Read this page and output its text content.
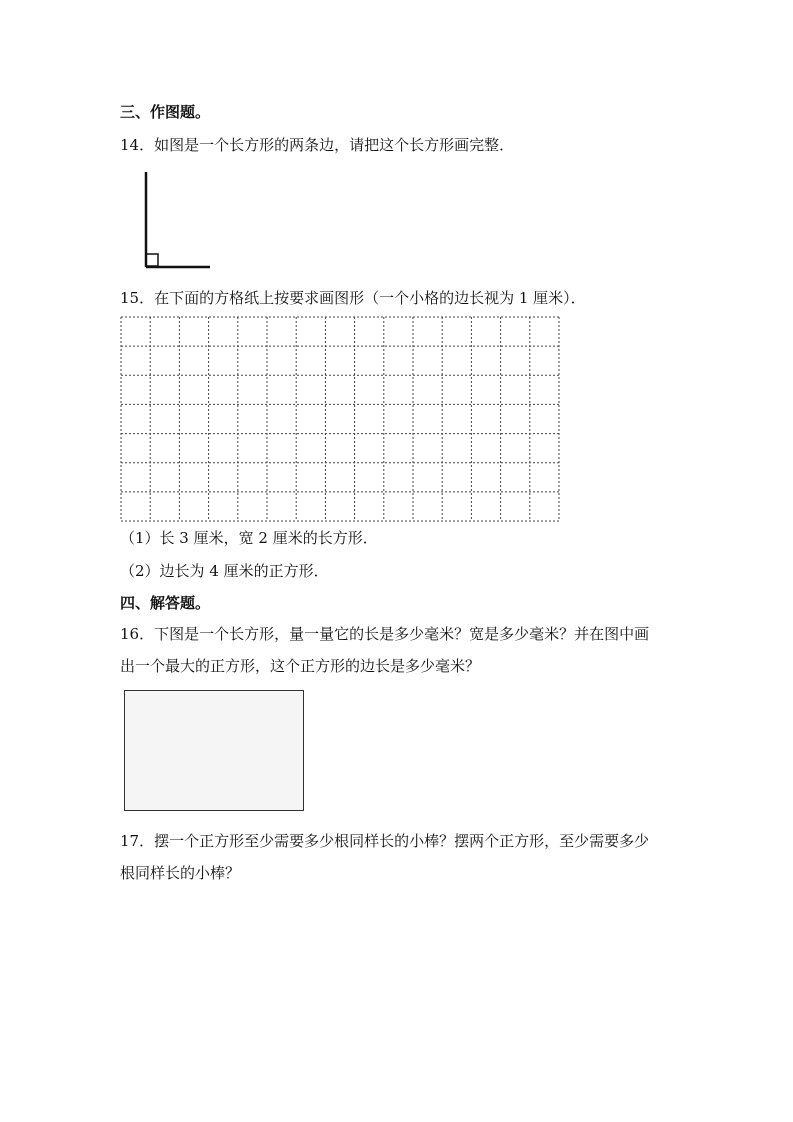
三、作图题。
14．如图是一个长方形的两条边，请把这个长方形画完整．
15．在下面的方格纸上按要求画图形（一个小格的边长视为 1 厘米）．
（1）长 3 厘米，宽 2 厘米的长方形．
（2）边长为 4 厘米的正方形．
四、解答题。
16．下图是一个长方形，量一量它的长是多少毫米？宽是多少毫米？并在图中画
出一个最大的正方形，这个正方形的边长是多少毫米？
17．摆一个正方形至少需要多少根同样长的小棒？摆两个正方形，至少需要多少
根同样长的小棒？
